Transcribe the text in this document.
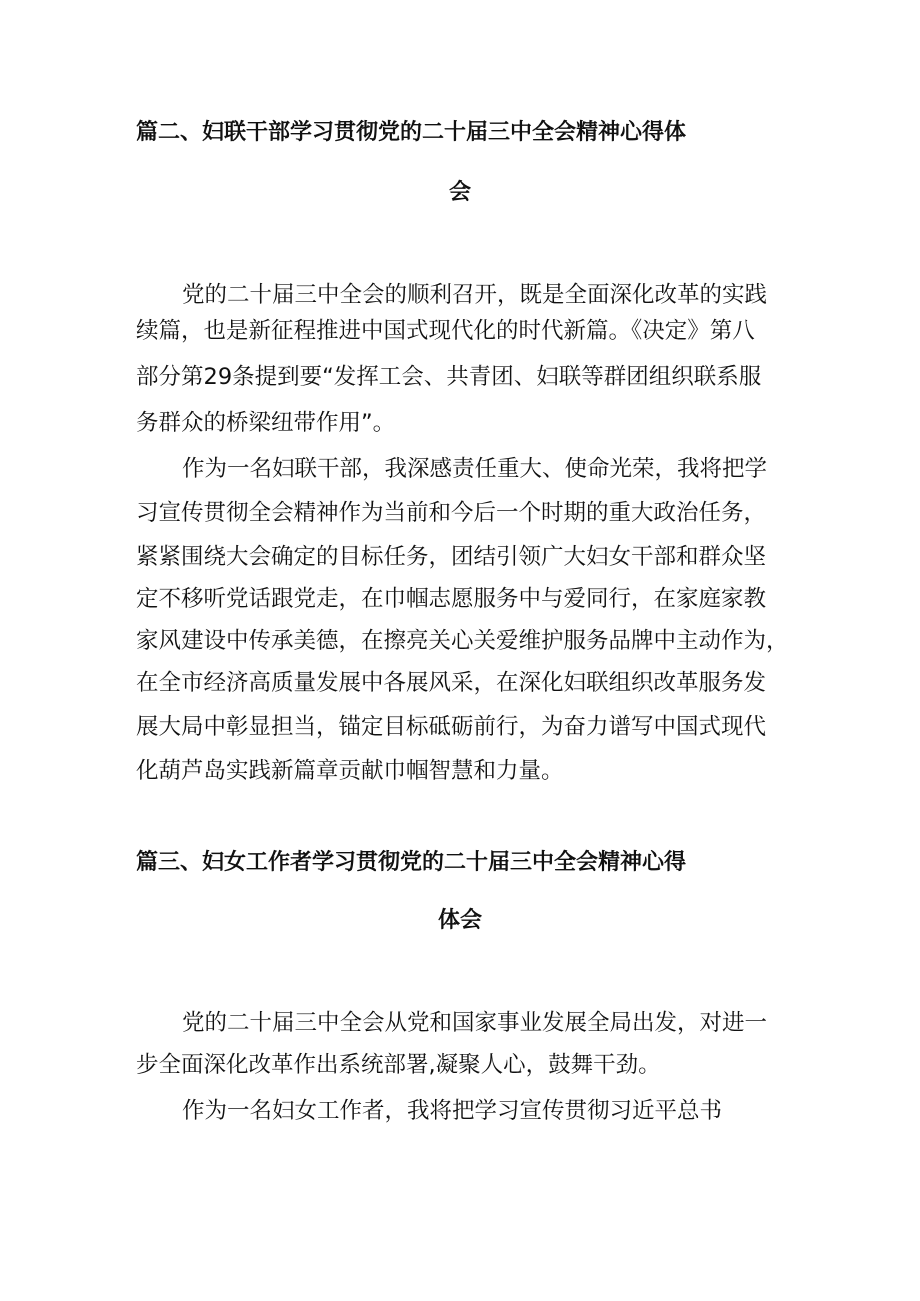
篇二、妇联干部学习贯彻党的二十届三中全会精神心得体
会
党的二十届三中全会的顺利召开，既是全面深化改革的实践
续篇，也是新征程推进中国式现代化的时代新篇。《决定》第八
部分第29条提到要“发挥工会、共青团、妇联等群团组织联系服
务群众的桥梁纽带作用”。
作为一名妇联干部，我深感责任重大、使命光荣，我将把学
习宣传贯彻全会精神作为当前和今后一个时期的重大政治任务，
紧紧围绕大会确定的目标任务，团结引领广大妇女干部和群众坚
定不移听党话跟党走，在巾帼志愿服务中与爱同行，在家庭家教
家风建设中传承美德，在擦亮关心关爱维护服务品牌中主动作为，
在全市经济高质量发展中各展风采，在深化妇联组织改革服务发
展大局中彰显担当，锚定目标砥砺前行，为奋力谱写中国式现代
化葫芦岛实践新篇章贡献巾帼智慧和力量。
篇三、妇女工作者学习贯彻党的二十届三中全会精神心得
体会
党的二十届三中全会从党和国家事业发展全局出发，对进一
步全面深化改革作出系统部署,凝聚人心，鼓舞干劲。
作为一名妇女工作者，我将把学习宣传贯彻习近平总书
